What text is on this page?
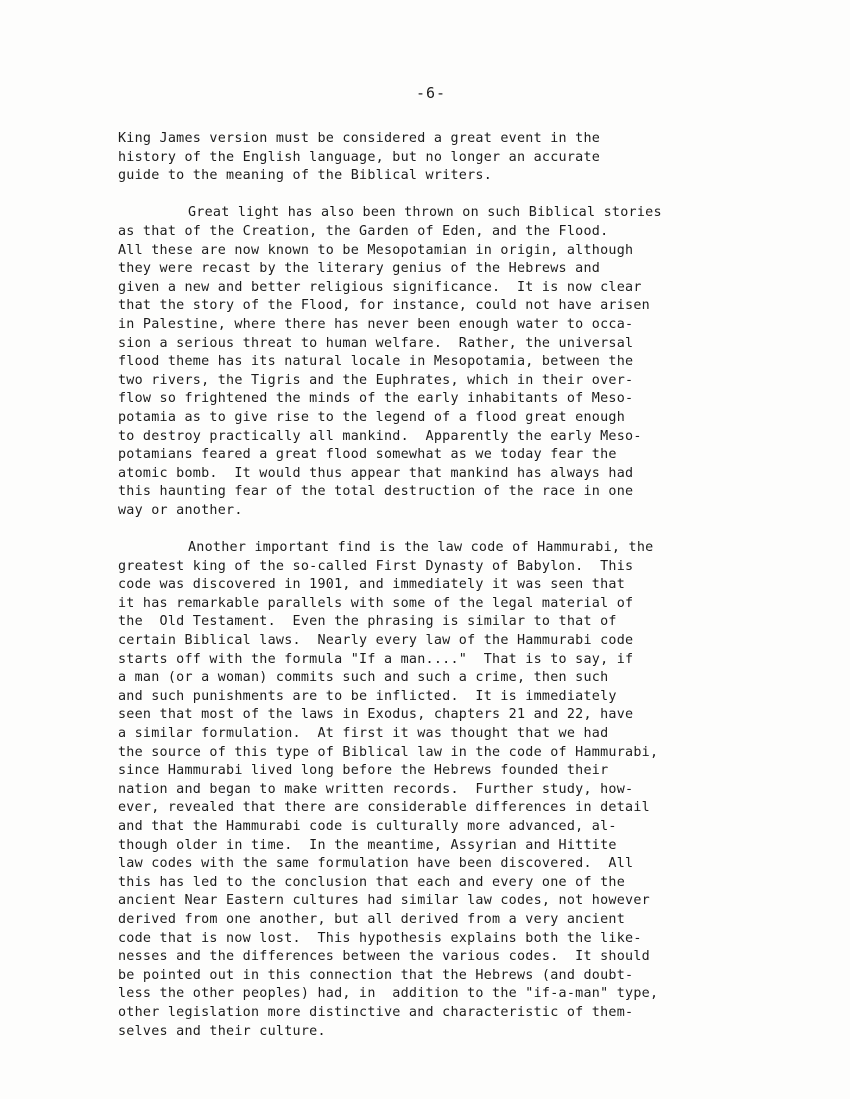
-6-
King James version must be considered a great event in the
history of the English language, but no longer an accurate
guide to the meaning of the Biblical writers.
Great light has also been thrown on such Biblical stories
as that of the Creation, the Garden of Eden, and the Flood.
All these are now known to be Mesopotamian in origin, although
they were recast by the literary genius of the Hebrews and
given a new and better religious significance.  It is now clear
that the story of the Flood, for instance, could not have arisen
in Palestine, where there has never been enough water to occa-
sion a serious threat to human welfare.  Rather, the universal
flood theme has its natural locale in Mesopotamia, between the
two rivers, the Tigris and the Euphrates, which in their over-
flow so frightened the minds of the early inhabitants of Meso-
potamia as to give rise to the legend of a flood great enough
to destroy practically all mankind.  Apparently the early Meso-
potamians feared a great flood somewhat as we today fear the
atomic bomb.  It would thus appear that mankind has always had
this haunting fear of the total destruction of the race in one
way or another.
Another important find is the law code of Hammurabi, the
greatest king of the so-called First Dynasty of Babylon.  This
code was discovered in 1901, and immediately it was seen that
it has remarkable parallels with some of the legal material of
the  Old Testament.  Even the phrasing is similar to that of
certain Biblical laws.  Nearly every law of the Hammurabi code
starts off with the formula "If a man...."  That is to say, if
a man (or a woman) commits such and such a crime, then such
and such punishments are to be inflicted.  It is immediately
seen that most of the laws in Exodus, chapters 21 and 22, have
a similar formulation.  At first it was thought that we had
the source of this type of Biblical law in the code of Hammurabi,
since Hammurabi lived long before the Hebrews founded their
nation and began to make written records.  Further study, how-
ever, revealed that there are considerable differences in detail
and that the Hammurabi code is culturally more advanced, al-
though older in time.  In the meantime, Assyrian and Hittite
law codes with the same formulation have been discovered.  All
this has led to the conclusion that each and every one of the
ancient Near Eastern cultures had similar law codes, not however
derived from one another, but all derived from a very ancient
code that is now lost.  This hypothesis explains both the like-
nesses and the differences between the various codes.  It should
be pointed out in this connection that the Hebrews (and doubt-
less the other peoples) had, in  addition to the "if-a-man" type,
other legislation more distinctive and characteristic of them-
selves and their culture.
